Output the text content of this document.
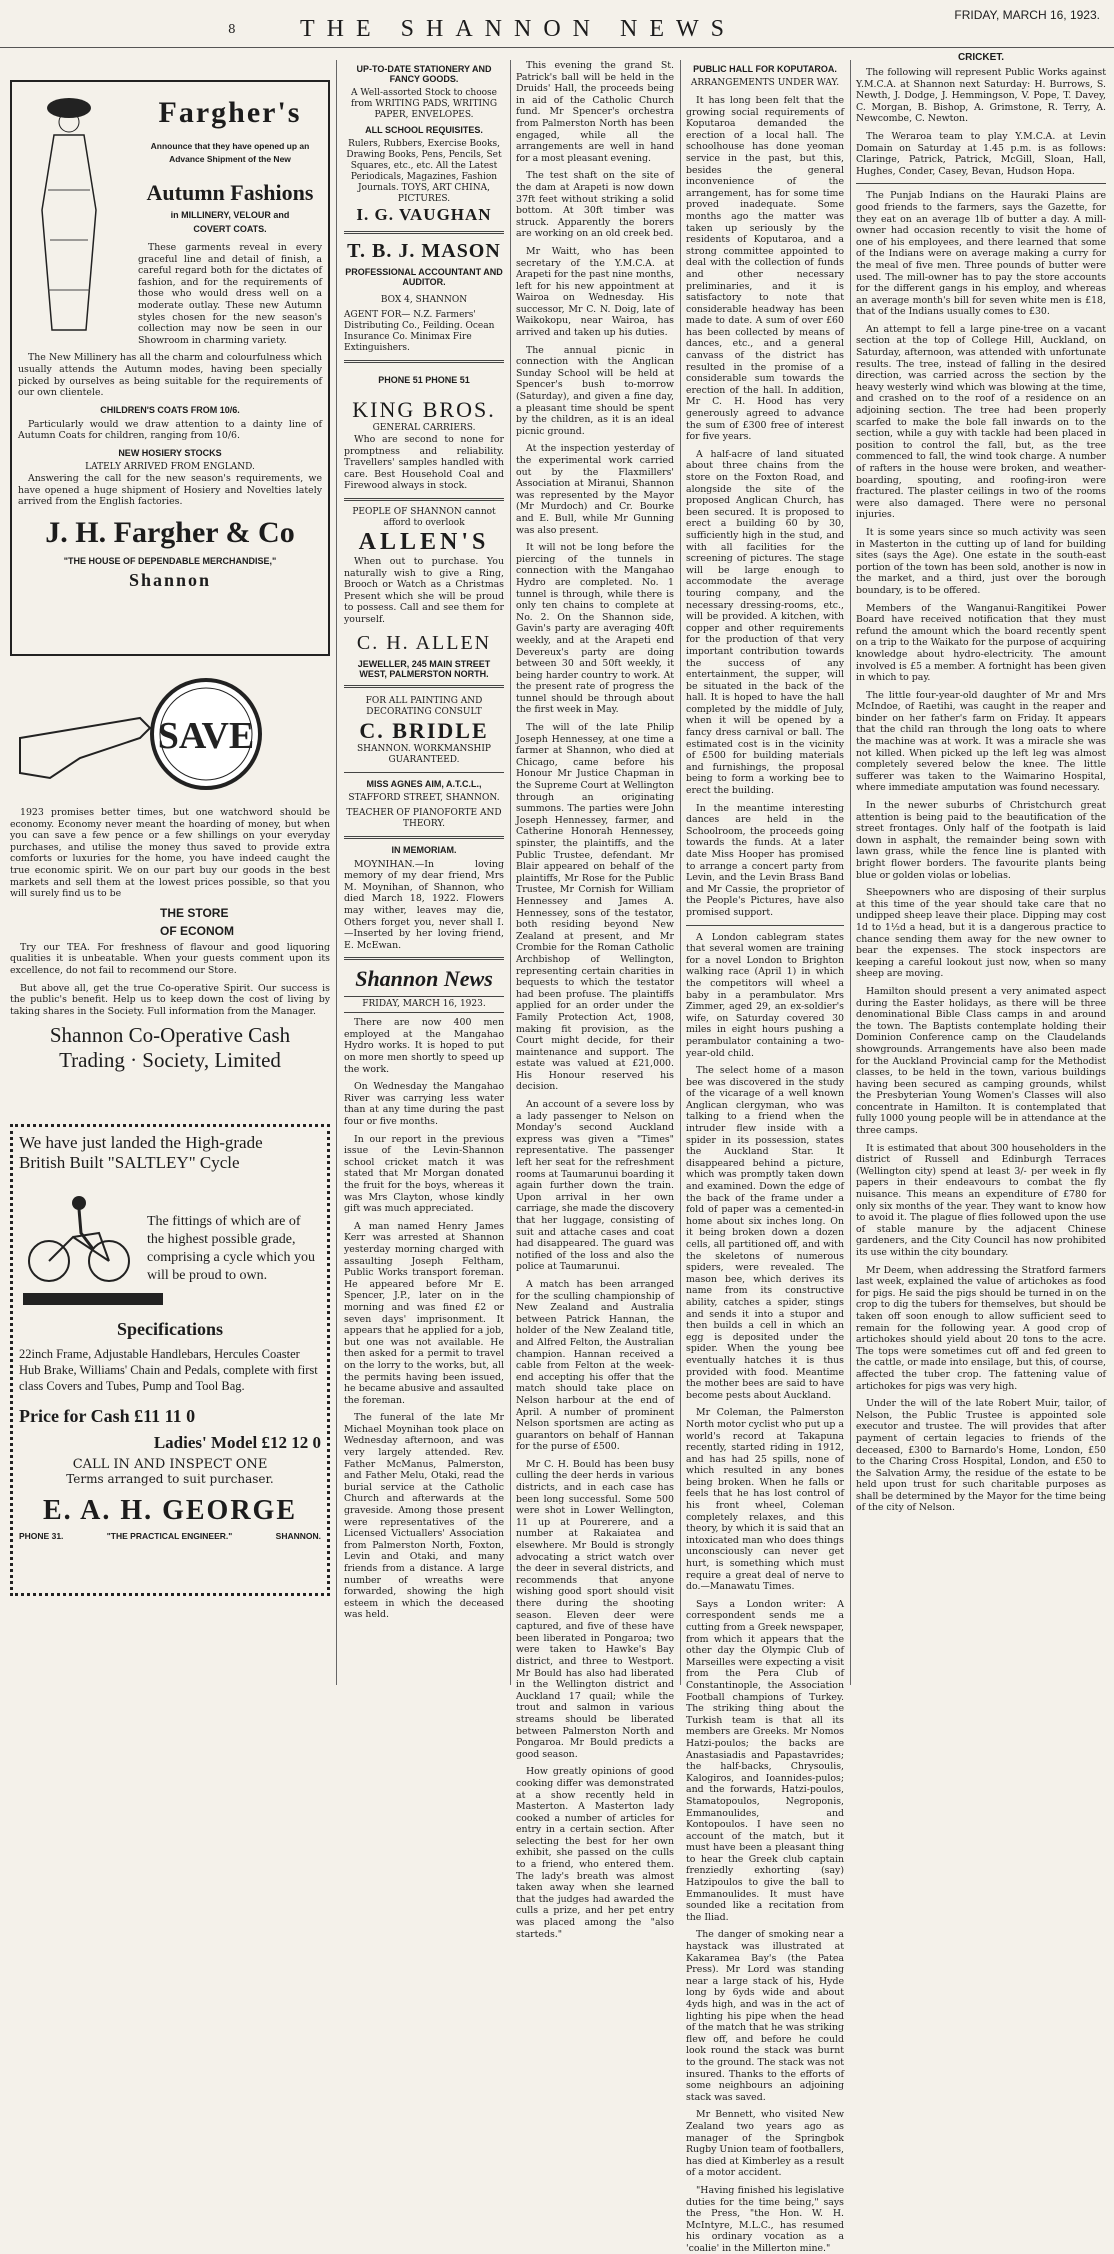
8	THE SHANNON NEWS
FRIDAY, MARCH 16, 1923.
Fargher's
Announce that they have opened up an Advance Shipment of the New
Autumn Fashions
in MILLINERY, VELOUR and
COVERT COATS.
These garments reveal in every graceful line and detail of finish, a careful regard both for the dictates of fashion, and for the requirements of those who would dress well on a moderate outlay. These new Autumn styles chosen for the new season's collection may now be seen in our Showroom in charming variety.
The New Millinery has all the charm and colourfulness which usually attends the Autumn modes, having been specially picked by ourselves as being suitable for the requirements of our own clientele.
CHILDREN'S COATS FROM 10/6.
Particularly would we draw attention to a dainty line of Autumn Coats for children, ranging from 10/6.
NEW HOSIERY STOCKS
LATELY ARRIVED FROM ENGLAND.
Answering the call for the new season's requirements, we have opened a huge shipment of Hosiery and Novelties lately arrived from the English factories.
J. H. Fargher & Co
"THE HOUSE OF DEPENDABLE MERCHANDISE,"
Shannon
SAVE
1923 promises better times, but one watchword should be economy. Economy never meant the hoarding of money, but when you can save a few pence or a few shillings on your everyday purchases, and utilise the money thus saved to provide extra comforts or luxuries for the home, you have indeed caught the true economic spirit. We on our part buy our goods in the best markets and sell them at the lowest prices possible, so that you will surely find us to be
THE STORE
OF ECONOM
Try our TEA. For freshness of flavour and good liquoring qualities it is unbeatable. When your guests comment upon its excellence, do not fail to recommend our Store.
But above all, get the true Co-operative Spirit. Our success is the public's benefit. Help us to keep down the cost of living by taking shares in the Society. Full information from the Manager.
Shannon Co-Operative Cash
Trading · Society, Limited
We have just landed the High-grade
British Built "SALTLEY" Cycle
The fittings of which are of the highest possible grade, comprising a cycle which you will be proud to own.
Specifications
22inch Frame, Adjustable Handlebars, Hercules Coaster Hub Brake, Williams' Chain and Pedals, complete with first class Covers and Tubes, Pump and Tool Bag.
Price for Cash £11 11 0
Ladies' Model £12 12 0
CALL IN AND INSPECT ONE
Terms arranged to suit purchaser.
E. A. H. GEORGE
PHONE 31.	"THE PRACTICAL ENGINEER."	SHANNON.
UP-TO-DATE STATIONERY AND FANCY GOODS.
A Well-assorted Stock to choose from WRITING PADS, WRITING PAPER, ENVELOPES.
ALL SCHOOL REQUISITES.
Rulers, Rubbers, Exercise Books, Drawing Books, Pens, Pencils, Set Squares, etc., etc. All the Latest Periodicals, Magazines, Fashion Journals. TOYS, ART CHINA, PICTURES.
I. G. VAUGHAN
T. B. J. MASON
PROFESSIONAL ACCOUNTANT AND AUDITOR.
BOX 4, SHANNON
AGENT FOR— N.Z. Farmers' Distributing Co., Feilding. Ocean Insurance Co. Minimax Fire Extinguishers.
PHONE 51 PHONE 51
KING BROS.
GENERAL CARRIERS.
Who are second to none for promptness and reliability. Travellers' samples handled with care. Best Household Coal and Firewood always in stock.
PEOPLE OF SHANNON cannot afford to overlook
ALLEN'S
When out to purchase. You naturally wish to give a Ring, Brooch or Watch as a Christmas Present which she will be proud to possess. Call and see them for yourself.
C. H. ALLEN
JEWELLER, 245 MAIN STREET WEST, PALMERSTON NORTH.
FOR ALL PAINTING AND DECORATING CONSULT
C. BRIDLE
SHANNON. WORKMANSHIP GUARANTEED.
MISS AGNES AIM, A.T.C.L.,
STAFFORD STREET, SHANNON.
TEACHER OF PIANOFORTE AND THEORY.
IN MEMORIAM.
MOYNIHAN.—In loving memory of my dear friend, Mrs M. Moynihan, of Shannon, who died March 18, 1922. Flowers may wither, leaves may die, Others forget you, never shall I. —Inserted by her loving friend, E. McEwan.
Shannon News
FRIDAY, MARCH 16, 1923.
There are now 400 men employed at the Mangahao Hydro works. It is hoped to put on more men shortly to speed up the work.
On Wednesday the Mangahao River was carrying less water than at any time during the past four or five months.
In our report in the previous issue of the Levin-Shannon school cricket match it was stated that Mr Morgan donated the fruit for the boys, whereas it was Mrs Clayton, whose kindly gift was much appreciated.
A man named Henry James Kerr was arrested at Shannon yesterday morning charged with assaulting Joseph Feltham, Public Works transport foreman. He appeared before Mr E. Spencer, J.P., later on in the morning and was fined £2 or seven days' imprisonment. It appears that he applied for a job, but one was not available. He then asked for a permit to travel on the lorry to the works, but, all the permits having been issued, he became abusive and assaulted the foreman.
The funeral of the late Mr Michael Moynihan took place on Wednesday afternoon, and was very largely attended. Rev. Father McManus, Palmerston, and Father Melu, Otaki, read the burial service at the Catholic Church and afterwards at the graveside. Among those present were representatives of the Licensed Victuallers' Association from Palmerston North, Foxton, Levin and Otaki, and many friends from a distance. A large number of wreaths were forwarded, showing the high esteem in which the deceased was held.
This evening the grand St. Patrick's ball will be held in the Druids' Hall, the proceeds being in aid of the Catholic Church fund. Mr Spencer's orchestra from Palmerston North has been engaged, while all the arrangements are well in hand for a most pleasant evening.
The test shaft on the site of the dam at Arapeti is now down 37ft feet without striking a solid bottom. At 30ft timber was struck. Apparently the borers are working on an old creek bed.
Mr Waitt, who has been secretary of the Y.M.C.A. at Arapeti for the past nine months, left for his new appointment at Wairoa on Wednesday. His successor, Mr C. N. Doig, late of Waikokopu, near Wairoa, has arrived and taken up his duties.
The annual picnic in connection with the Anglican Sunday School will be held at Spencer's bush to-morrow (Saturday), and given a fine day, a pleasant time should be spent by the children, as it is an ideal picnic ground.
At the inspection yesterday of the experimental work carried out by the Flaxmillers' Association at Miranui, Shannon was represented by the Mayor (Mr Murdoch) and Cr. Bourke and E. Bull, while Mr Gunning was also present.
It will not be long before the piercing of the tunnels in connection with the Mangahao Hydro are completed. No. 1 tunnel is through, while there is only ten chains to complete at No. 2. On the Shannon side, Gavin's party are averaging 40ft weekly, and at the Arapeti end Devereux's party are doing between 30 and 50ft weekly, it being harder country to work. At the present rate of progress the tunnel should be through about the first week in May.
The will of the late Philip Joseph Hennessey, at one time a farmer at Shannon, who died at Chicago, came before his Honour Mr Justice Chapman in the Supreme Court at Wellington through an originating summons. The parties were John Joseph Hennessey, farmer, and Catherine Honorah Hennessey, spinster, the plaintiffs, and the Public Trustee, defendant. Mr Blair appeared on behalf of the plaintiffs, Mr Rose for the Public Trustee, Mr Cornish for William Hennessey and James A. Hennessey, sons of the testator, both residing beyond New Zealand at present, and Mr Crombie for the Roman Catholic Archbishop of Wellington, representing certain charities in bequests to which the testator had been profuse. The plaintiffs applied for an order under the Family Protection Act, 1908, making fit provision, as the Court might decide, for their maintenance and support. The estate was valued at £21,000. His Honour reserved his decision.
An account of a severe loss by a lady passenger to Nelson on Monday's second Auckland express was given a "Times" representative. The passenger left her seat for the refreshment rooms at Taumarunui boarding it again further down the train. Upon arrival in her own carriage, she made the discovery that her luggage, consisting of suit and attache cases and coat had disappeared. The guard was notified of the loss and also the police at Taumarunui.
A match has been arranged for the sculling championship of New Zealand and Australia between Patrick Hannan, the holder of the New Zealand title, and Alfred Felton, the Australian champion. Hannan received a cable from Felton at the week-end accepting his offer that the match should take place on Nelson harbour at the end of April. A number of prominent Nelson sportsmen are acting as guarantors on behalf of Hannan for the purse of £500.
Mr C. H. Bould has been busy culling the deer herds in various districts, and in each case has been long successful. Some 500 were shot in Lower Wellington, 11 up at Pourerere, and a number at Rakaiatea and elsewhere. Mr Bould is strongly advocating a strict watch over the deer in several districts, and recommends that anyone wishing good sport should visit there during the shooting season. Eleven deer were captured, and five of these have been liberated in Pongaroa; two were taken to Hawke's Bay district, and three to Westport. Mr Bould has also had liberated in the Wellington district and Auckland 17 quail; while the trout and salmon in various streams should be liberated between Palmerston North and Pongaroa. Mr Bould predicts a good season.
How greatly opinions of good cooking differ was demonstrated at a show recently held in Masterton. A Masterton lady cooked a number of articles for entry in a certain section. After selecting the best for her own exhibit, she passed on the culls to a friend, who entered them. The lady's breath was almost taken away when she learned that the judges had awarded the culls a prize, and her pet entry was placed among the "also starteds."
PUBLIC HALL FOR KOPUTAROA.
ARRANGEMENTS UNDER WAY.
It has long been felt that the growing social requirements of Koputaroa demanded the erection of a local hall. The schoolhouse has done yeoman service in the past, but this, besides the general inconvenience of the arrangement, has for some time proved inadequate. Some months ago the matter was taken up seriously by the residents of Koputaroa, and a strong committee appointed to deal with the collection of funds and other necessary preliminaries, and it is satisfactory to note that considerable headway has been made to date. A sum of over £60 has been collected by means of dances, etc., and a general canvass of the district has resulted in the promise of a considerable sum towards the erection of the hall. In addition, Mr C. H. Hood has very generously agreed to advance the sum of £300 free of interest for five years.
A half-acre of land situated about three chains from the store on the Foxton Road, and alongside the site of the proposed Anglican Church, has been secured. It is proposed to erect a building 60 by 30, sufficiently high in the stud, and with all facilities for the screening of pictures. The stage will be large enough to accommodate the average touring company, and the necessary dressing-rooms, etc., will be provided. A kitchen, with copper and other requirements for the production of that very important contribution towards the success of any entertainment, the supper, will be situated in the back of the hall. It is hoped to have the hall completed by the middle of July, when it will be opened by a fancy dress carnival or ball. The estimated cost is in the vicinity of £500 for building materials and furnishings, the proposal being to form a working bee to erect the building.
In the meantime interesting dances are held in the Schoolroom, the proceeds going towards the funds. At a later date Miss Hooper has promised to arrange a concert party from Levin, and the Levin Brass Band and Mr Cassie, the proprietor of the People's Pictures, have also promised support.
A London cablegram states that several women are training for a novel London to Brighton walking race (April 1) in which the competitors will wheel a baby in a perambulator. Mrs Zimmer, aged 29, an ex-soldier's wife, on Saturday covered 30 miles in eight hours pushing a perambulator containing a two-year-old child.
The select home of a mason bee was discovered in the study of the vicarage of a well known Anglican clergyman, who was talking to a friend when the intruder flew inside with a spider in its possession, states the Auckland Star. It disappeared behind a picture, which was promptly taken down and examined. Down the edge of the back of the frame under a fold of paper was a cemented-in home about six inches long. On it being broken down a dozen cells, all partitioned off, and with the skeletons of numerous spiders, were revealed. The mason bee, which derives its name from its constructive ability, catches a spider, stings and sends it into a stupor and then builds a cell in which an egg is deposited under the spider. When the young bee eventually hatches it is thus provided with food. Meantime the mother bees are said to have become pests about Auckland.
Mr Coleman, the Palmerston North motor cyclist who put up a world's record at Takapuna recently, started riding in 1912, and has had 25 spills, none of which resulted in any bones being broken. When he falls or feels that he has lost control of his front wheel, Coleman completely relaxes, and this theory, by which it is said that an intoxicated man who does things unconsciously can never get hurt, is something which must require a great deal of nerve to do.—Manawatu Times.
Says a London writer: A correspondent sends me a cutting from a Greek newspaper, from which it appears that the other day the Olympic Club of Marseilles were expecting a visit from the Pera Club of Constantinople, the Association Football champions of Turkey. The striking thing about the Turkish team is that all its members are Greeks. Mr Nomos Hatzi-poulos; the backs are Anastasiadis and Papastavrides; the half-backs, Chrysoulis, Kalogiros, and Ioannides-pulos; and the forwards, Hatzi-poulos, Stamatopoulos, Negroponis, Emmanoulides, and Kontopoulos. I have seen no account of the match, but it must have been a pleasant thing to hear the Greek club captain frenziedly exhorting (say) Hatzipoulos to give the ball to Emmanoulides. It must have sounded like a recitation from the Iliad.
The danger of smoking near a haystack was illustrated at Kakaramea Bay's (the Patea Press). Mr Lord was standing near a large stack of his, Hyde long by 6yds wide and about 4yds high, and was in the act of lighting his pipe when the head of the match that he was striking flew off, and before he could look round the stack was burnt to the ground. The stack was not insured. Thanks to the efforts of some neighbours an adjoining stack was saved.
Mr Bennett, who visited New Zealand two years ago as manager of the Springbok Rugby Union team of footballers, has died at Kimberley as a result of a motor accident.
"Having finished his legislative duties for the time being," says the Press, "the Hon. W. H. McIntyre, M.L.C., has resumed his ordinary vocation as a 'coalie' in the Millerton mine."
CRICKET.
The following will represent Public Works against Y.M.C.A. at Shannon next Saturday: H. Burrows, S. Newth, J. Dodge, J. Hemmingson, V. Pope, T. Davey, C. Morgan, B. Bishop, A. Grimstone, R. Terry, A. Newcombe, C. Newton.
The Weraroa team to play Y.M.C.A. at Levin Domain on Saturday at 1.45 p.m. is as follows: Claringe, Patrick, Patrick, McGill, Sloan, Hall, Hughes, Conder, Casey, Bevan, Hudson Hopa.
The Punjab Indians on the Hauraki Plains are good friends to the farmers, says the Gazette, for they eat on an average 1lb of butter a day. A mill-owner had occasion recently to visit the home of one of his employees, and there learned that some of the Indians were on average making a curry for the meal of five men. Three pounds of butter were used. The mill-owner has to pay the store accounts for the different gangs in his employ, and whereas an average month's bill for seven white men is £18, that of the Indians usually comes to £30.
An attempt to fell a large pine-tree on a vacant section at the top of College Hill, Auckland, on Saturday, afternoon, was attended with unfortunate results. The tree, instead of falling in the desired direction, was carried across the section by the heavy westerly wind which was blowing at the time, and crashed on to the roof of a residence on an adjoining section. The tree had been properly scarfed to make the bole fall inwards on to the section, while a guy with tackle had been placed in position to control the fall, but, as the tree commenced to fall, the wind took charge. A number of rafters in the house were broken, and weather-boarding, spouting, and roofing-iron were fractured. The plaster ceilings in two of the rooms were also damaged. There were no personal injuries.
It is some years since so much activity was seen in Masterton in the cutting up of land for building sites (says the Age). One estate in the south-east portion of the town has been sold, another is now in the market, and a third, just over the borough boundary, is to be offered.
Members of the Wanganui-Rangitikei Power Board have received notification that they must refund the amount which the board recently spent on a trip to the Waikato for the purpose of acquiring knowledge about hydro-electricity. The amount involved is £5 a member. A fortnight has been given in which to pay.
The little four-year-old daughter of Mr and Mrs McIndoe, of Raetihi, was caught in the reaper and binder on her father's farm on Friday. It appears that the child ran through the long oats to where the machine was at work. It was a miracle she was not killed. When picked up the left leg was almost completely severed below the knee. The little sufferer was taken to the Waimarino Hospital, where immediate amputation was found necessary.
In the newer suburbs of Christchurch great attention is being paid to the beautification of the street frontages. Only half of the footpath is laid down in asphalt, the remainder being sown with lawn grass, while the fence line is planted with bright flower borders. The favourite plants being blue or golden violas or lobelias.
Sheepowners who are disposing of their surplus at this time of the year should take care that no undipped sheep leave their place. Dipping may cost 1d to 1½d a head, but it is a dangerous practice to chance sending them away for the new owner to bear the expenses. The stock inspectors are keeping a careful lookout just now, when so many sheep are moving.
Hamilton should present a very animated aspect during the Easter holidays, as there will be three denominational Bible Class camps in and around the town. The Baptists contemplate holding their Dominion Conference camp on the Claudelands showgrounds. Arrangements have also been made for the Auckland Provincial camp for the Methodist classes, to be held in the town, various buildings having been secured as camping grounds, whilst the Presbyterian Young Women's Classes will also concentrate in Hamilton. It is contemplated that fully 1000 young people will be in attendance at the three camps.
It is estimated that about 300 householders in the district of Russell and Edinburgh Terraces (Wellington city) spend at least 3/- per week in fly papers in their endeavours to combat the fly nuisance. This means an expenditure of £780 for only six months of the year. They want to know how to avoid it. The plague of flies followed upon the use of stable manure by the adjacent Chinese gardeners, and the City Council has now prohibited its use within the city boundary.
Mr Deem, when addressing the Stratford farmers last week, explained the value of artichokes as food for pigs. He said the pigs should be turned in on the crop to dig the tubers for themselves, but should be taken off soon enough to allow sufficient seed to remain for the following year. A good crop of artichokes should yield about 20 tons to the acre. The tops were sometimes cut off and fed green to the cattle, or made into ensilage, but this, of course, affected the tuber crop. The fattening value of artichokes for pigs was very high.
Under the will of the late Robert Muir, tailor, of Nelson, the Public Trustee is appointed sole executor and trustee. The will provides that after payment of certain legacies to friends of the deceased, £300 to Barnardo's Home, London, £50 to the Charing Cross Hospital, London, and £50 to the Salvation Army, the residue of the estate to be held upon trust for such charitable purposes as shall be determined by the Mayor for the time being of the city of Nelson.
